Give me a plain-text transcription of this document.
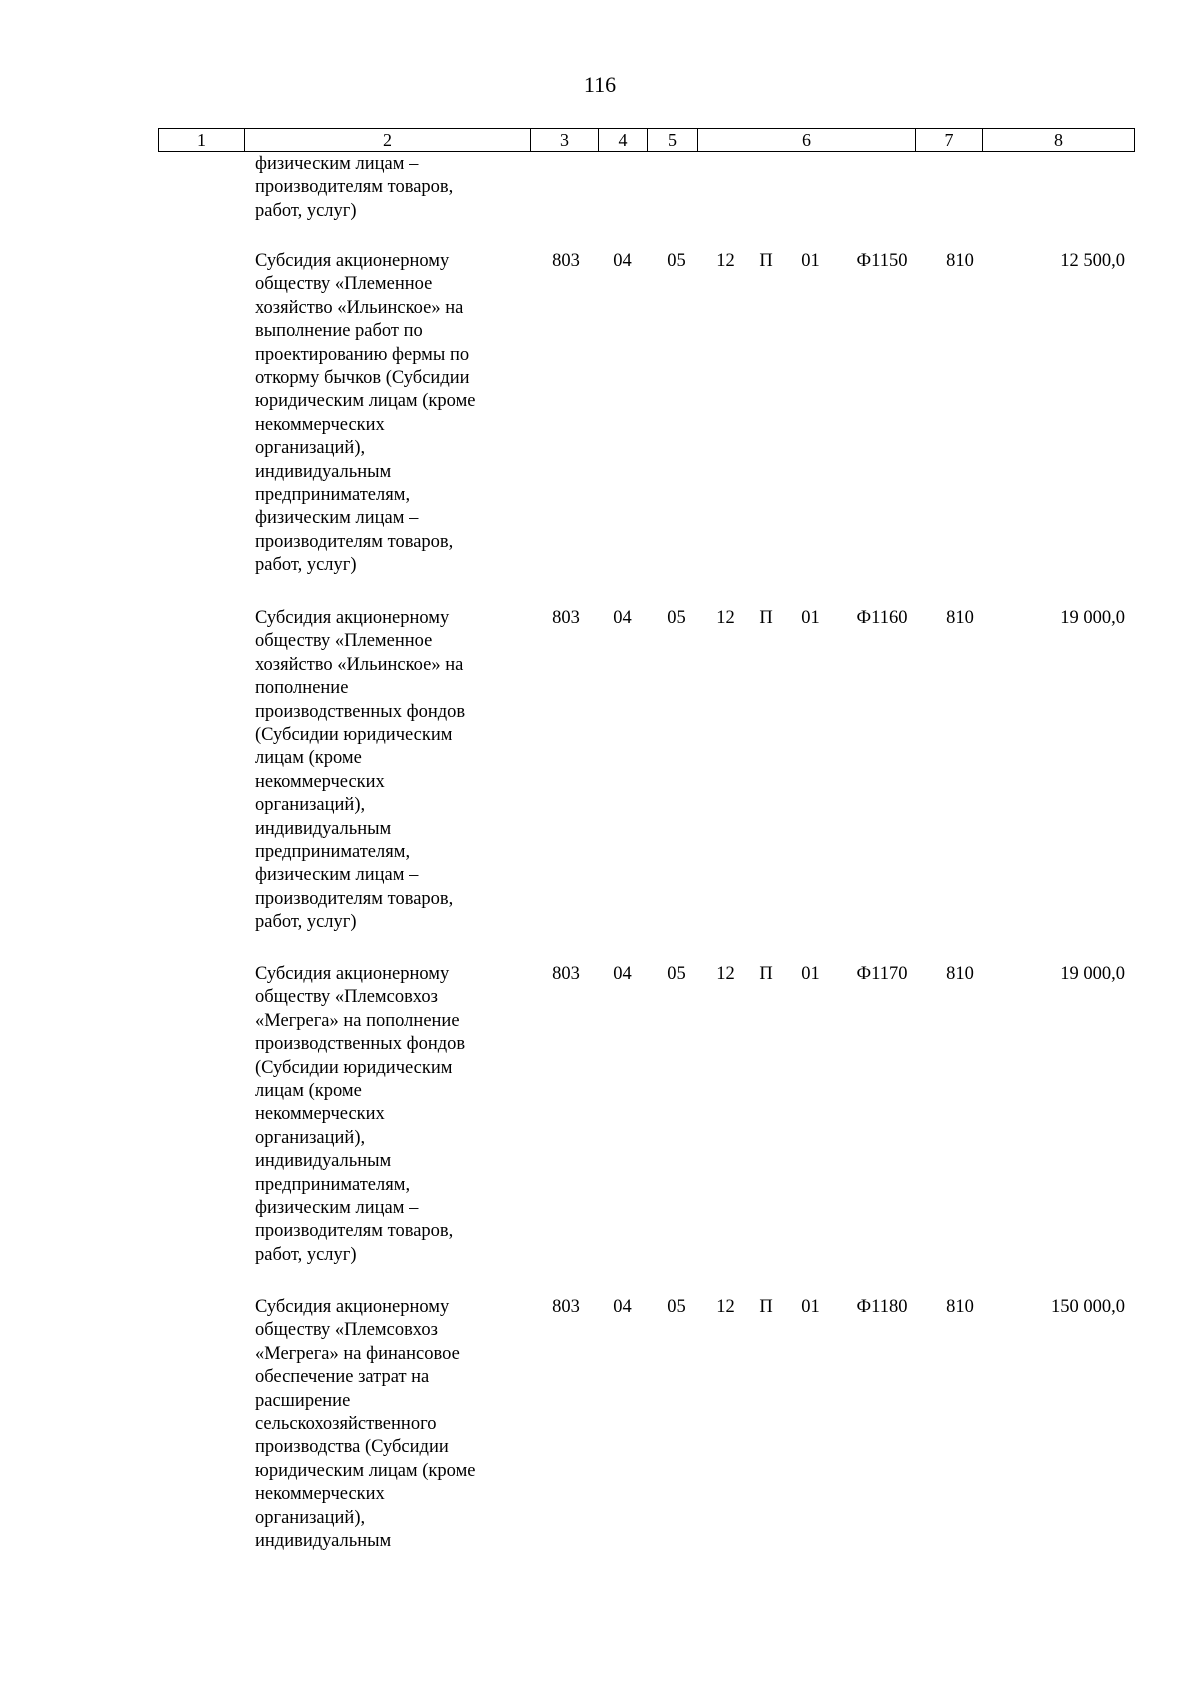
116
1	2	3	4	5	6	7	8
физическим лицам –
производителям товаров,
работ, услуг)
Субсидия акционерному
обществу «Племенное
хозяйство «Ильинское» на
выполнение работ по
проектированию фермы по
откорму бычков (Субсидии
юридическим лицам (кроме
некоммерческих
организаций),
индивидуальным
предпринимателям,
физическим лицам –
производителям товаров,
работ, услуг)
803 04 05 12 П 01	Ф1150	810	12 500,0
Субсидия акционерному
обществу «Племенное
хозяйство «Ильинское» на
пополнение
производственных фондов
(Субсидии юридическим
лицам (кроме
некоммерческих
организаций),
индивидуальным
предпринимателям,
физическим лицам –
производителям товаров,
работ, услуг)
803 04 05 12 П 01	Ф1160	810	19 000,0
Субсидия акционерному
обществу «Племсовхоз
«Мегрега» на пополнение
производственных фондов
(Субсидии юридическим
лицам (кроме
некоммерческих
организаций),
индивидуальным
предпринимателям,
физическим лицам –
производителям товаров,
работ, услуг)
803 04 05 12 П 01	Ф1170	810	19 000,0
Субсидия акционерному
обществу «Племсовхоз
«Мегрега» на финансовое
обеспечение затрат на
расширение
сельскохозяйственного
производства (Субсидии
юридическим лицам (кроме
некоммерческих
организаций),
индивидуальным
803 04 05 12 П 01	Ф1180	810	150 000,0
